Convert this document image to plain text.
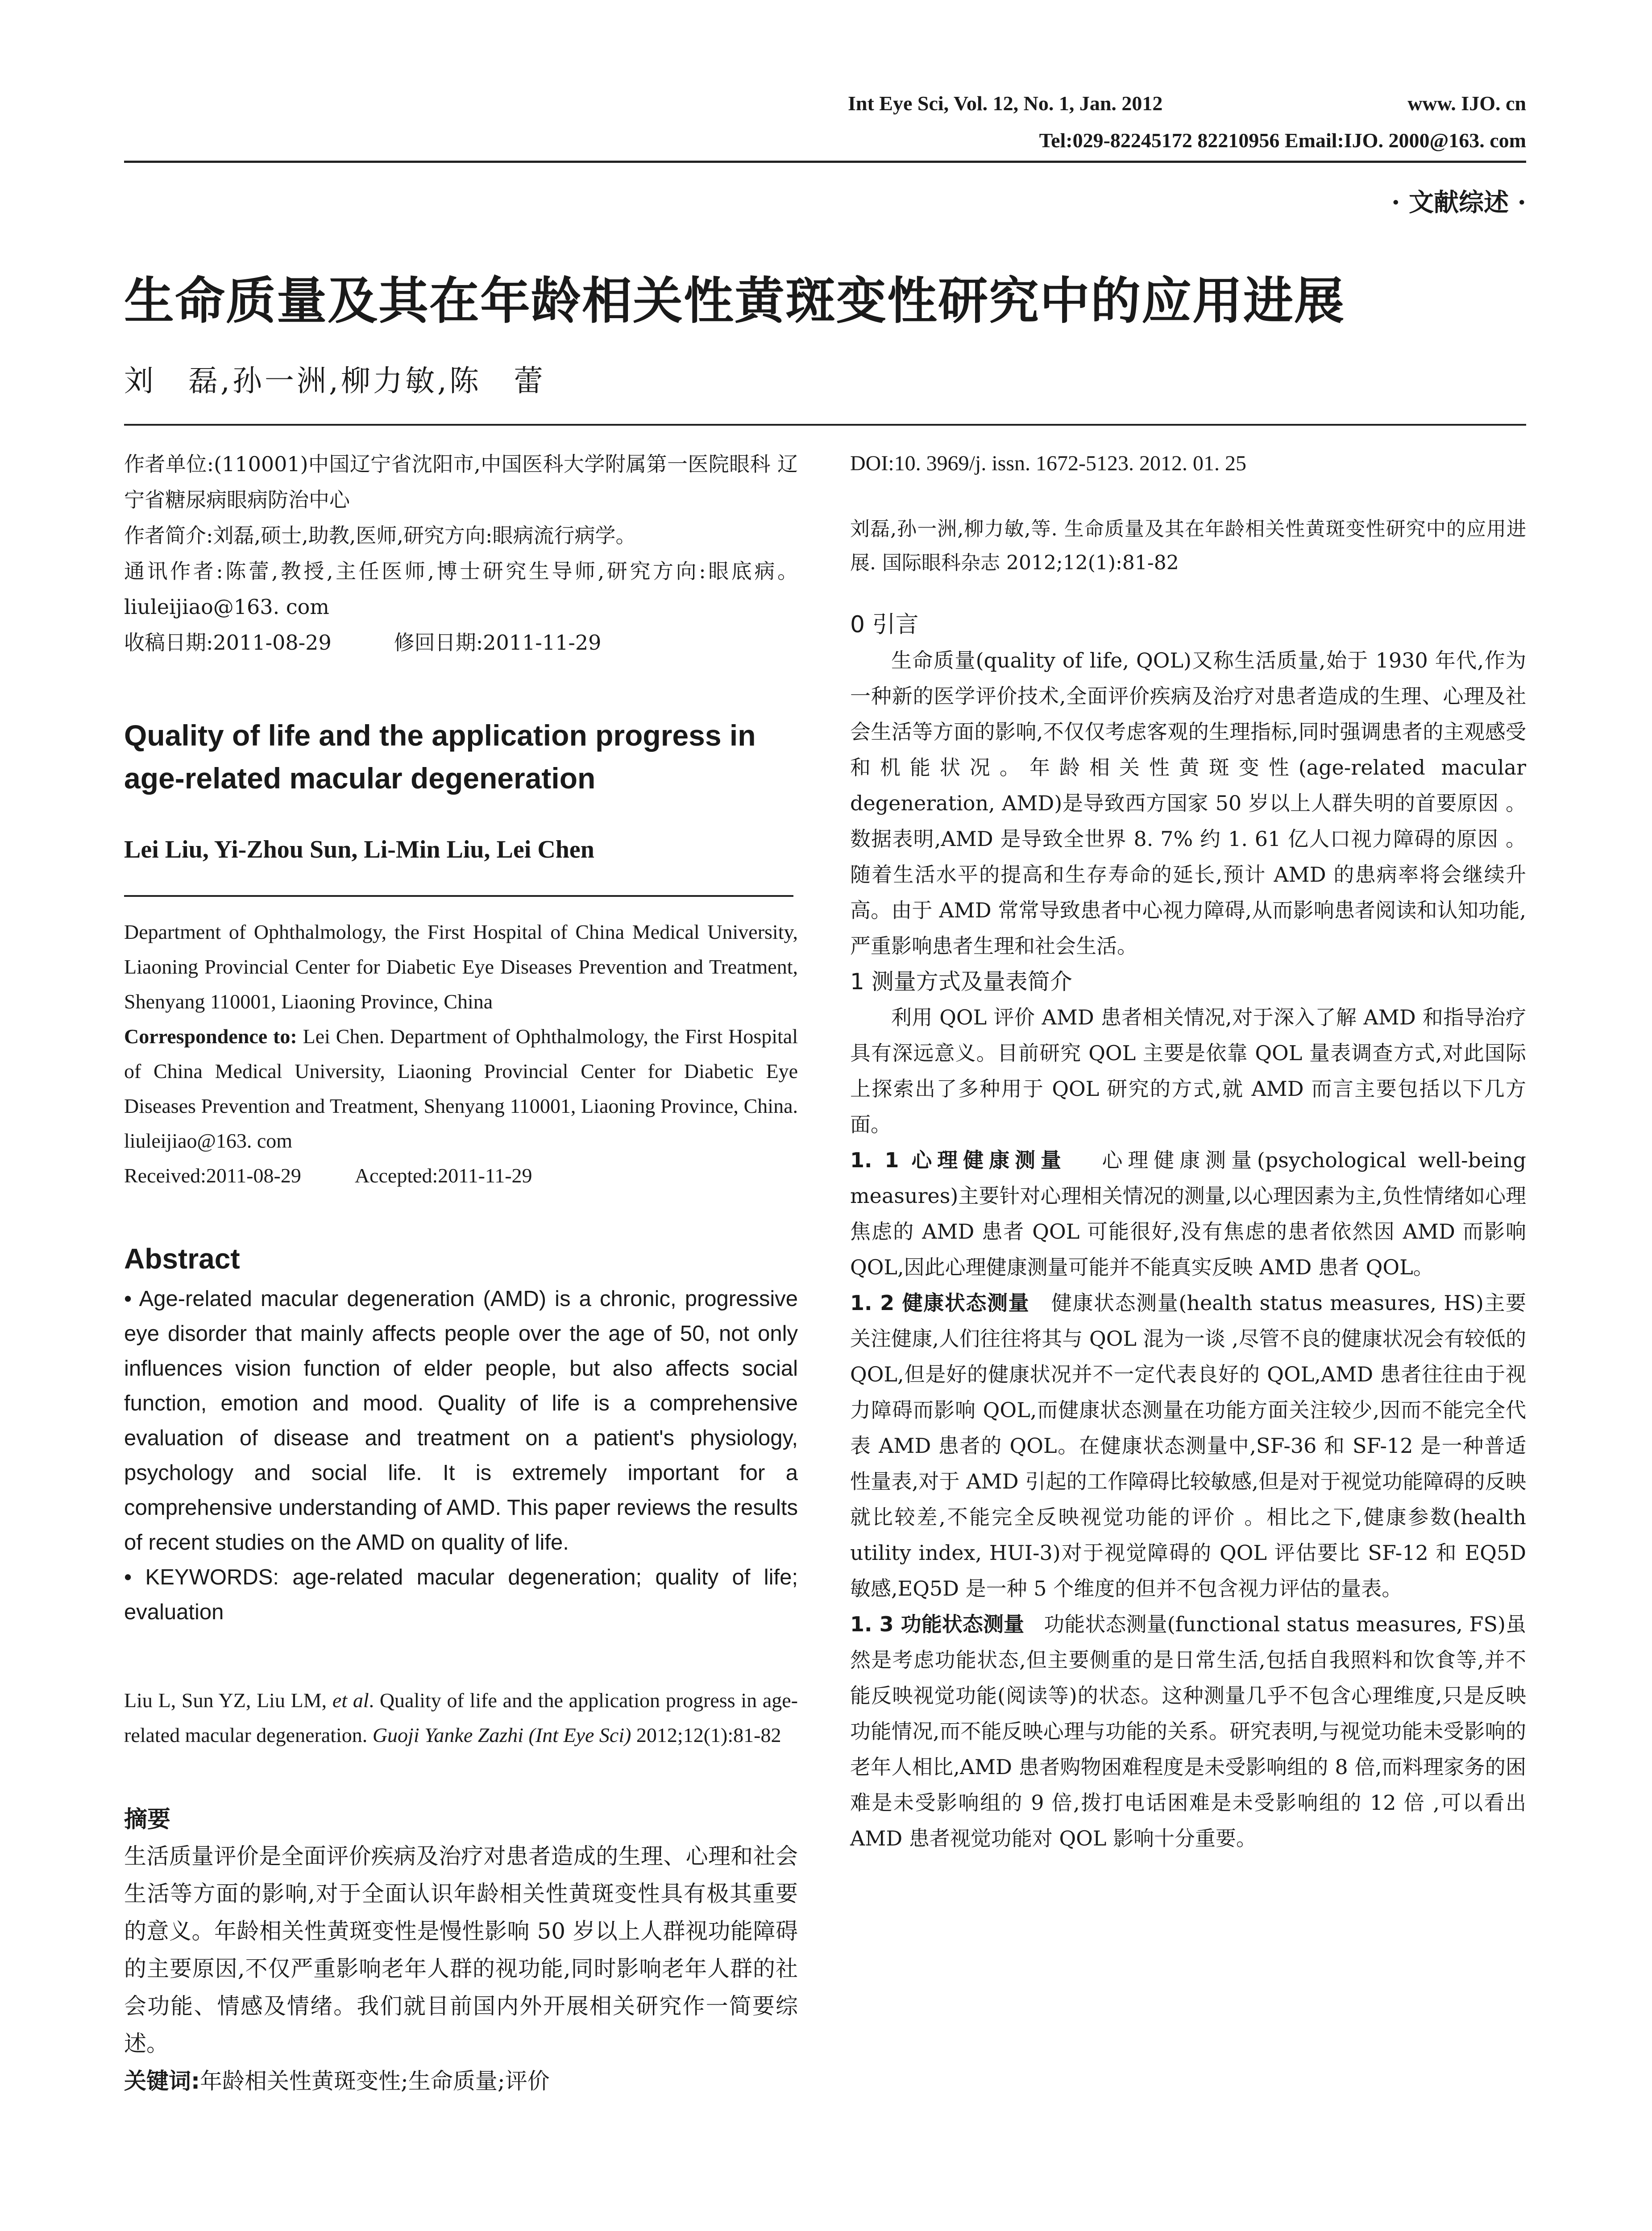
Int Eye Sci, Vol. 12, No. 1, Jan. 2012	www. IJO. cn
Tel:029-82245172 82210956 Email:IJO. 2000@163. com
· 文献综述 ·
生命质量及其在年龄相关性黄斑变性研究中的应用进展
刘　磊,孙一洲,柳力敏,陈　蕾

作者单位:(110001)中国辽宁省沈阳市,中国医科大学附属第一医院眼科 辽宁省糖尿病眼病防治中心

作者简介:刘磊,硕士,助教,医师,研究方向:眼病流行病学。

通讯作者:陈蕾,教授,主任医师,博士研究生导师,研究方向:眼底病。liuleijiao@163. com

收稿日期:2011-08-29	修回日期:2011-11-29

Quality of life and the application progress in age-related macular degeneration
Lei Liu, Yi-Zhou Sun, Li-Min Liu, Lei Chen

Department of Ophthalmology, the First Hospital of China Medical University, Liaoning Provincial Center for Diabetic Eye Diseases Prevention and Treatment, Shenyang 110001, Liaoning Province, China

Correspondence to: Lei Chen. Department of Ophthalmology, the First Hospital of China Medical University, Liaoning Provincial Center for Diabetic Eye Diseases Prevention and Treatment, Shenyang 110001, Liaoning Province, China. liuleijiao@163. com

Received:2011-08-29	Accepted:2011-11-29

Abstract

• Age-related macular degeneration (AMD) is a chronic, progressive eye disorder that mainly affects people over the age of 50, not only influences vision function of elder people, but also affects social function, emotion and mood. Quality of life is a comprehensive evaluation of disease and treatment on a patient's physiology, psychology and social life. It is extremely important for a comprehensive understanding of AMD. This paper reviews the results of recent studies on the AMD on quality of life.

• KEYWORDS: age-related macular degeneration; quality of life; evaluation

Liu L, Sun YZ, Liu LM, et al. Quality of life and the application progress in age-related macular degeneration. Guoji Yanke Zazhi (Int Eye Sci) 2012;12(1):81-82

摘要

生活质量评价是全面评价疾病及治疗对患者造成的生理、心理和社会生活等方面的影响,对于全面认识年龄相关性黄斑变性具有极其重要的意义。年龄相关性黄斑变性是慢性影响 50 岁以上人群视功能障碍的主要原因,不仅严重影响老年人群的视功能,同时影响老年人群的社会功能、情感及情绪。我们就目前国内外开展相关研究作一简要综述。

关键词:年龄相关性黄斑变性;生命质量;评价

DOI:10. 3969/j. issn. 1672-5123. 2012. 01. 25

刘磊,孙一洲,柳力敏,等. 生命质量及其在年龄相关性黄斑变性研究中的应用进展. 国际眼科杂志 2012;12(1):81-82

0 引言

生命质量(quality of life, QOL)又称生活质量,始于 1930 年代,作为一种新的医学评价技术,全面评价疾病及治疗对患者造成的生理、心理及社会生活等方面的影响,不仅仅考虑客观的生理指标,同时强调患者的主观感受和机能状况。年龄相关性黄斑变性(age-related macular degeneration, AMD)是导致西方国家 50 岁以上人群失明的首要原因 。数据表明,AMD 是导致全世界 8. 7% 约 1. 61 亿人口视力障碍的原因 。随着生活水平的提高和生存寿命的延长,预计 AMD 的患病率将会继续升高。由于 AMD 常常导致患者中心视力障碍,从而影响患者阅读和认知功能,严重影响患者生理和社会生活。

1 测量方式及量表简介

利用 QOL 评价 AMD 患者相关情况,对于深入了解 AMD 和指导治疗具有深远意义。目前研究 QOL 主要是依靠 QOL 量表调查方式,对此国际上探索出了多种用于 QOL 研究的方式,就 AMD 而言主要包括以下几方面。

1. 1 心理健康测量 心理健康测量(psychological well-being measures)主要针对心理相关情况的测量,以心理因素为主,负性情绪如心理焦虑的 AMD 患者 QOL 可能很好,没有焦虑的患者依然因 AMD 而影响 QOL,因此心理健康测量可能并不能真实反映 AMD 患者 QOL。

1. 2 健康状态测量 健康状态测量(health status measures, HS)主要关注健康,人们往往将其与 QOL 混为一谈 ,尽管不良的健康状况会有较低的 QOL,但是好的健康状况并不一定代表良好的 QOL,AMD 患者往往由于视力障碍而影响 QOL,而健康状态测量在功能方面关注较少,因而不能完全代表 AMD 患者的 QOL。在健康状态测量中,SF-36 和 SF-12 是一种普适性量表,对于 AMD 引起的工作障碍比较敏感,但是对于视觉功能障碍的反映就比较差,不能完全反映视觉功能的评价 。相比之下,健康参数(health utility index, HUI-3)对于视觉障碍的 QOL 评估要比 SF-12 和 EQ5D 敏感,EQ5D 是一种 5 个维度的但并不包含视力评估的量表。

1. 3 功能状态测量 功能状态测量(functional status measures, FS)虽然是考虑功能状态,但主要侧重的是日常生活,包括自我照料和饮食等,并不能反映视觉功能(阅读等)的状态。这种测量几乎不包含心理维度,只是反映功能情况,而不能反映心理与功能的关系。研究表明,与视觉功能未受影响的老年人相比,AMD 患者购物困难程度是未受影响组的 8 倍,而料理家务的困难是未受影响组的 9 倍,拨打电话困难是未受影响组的 12 倍 ,可以看出 AMD 患者视觉功能对 QOL 影响十分重要。
